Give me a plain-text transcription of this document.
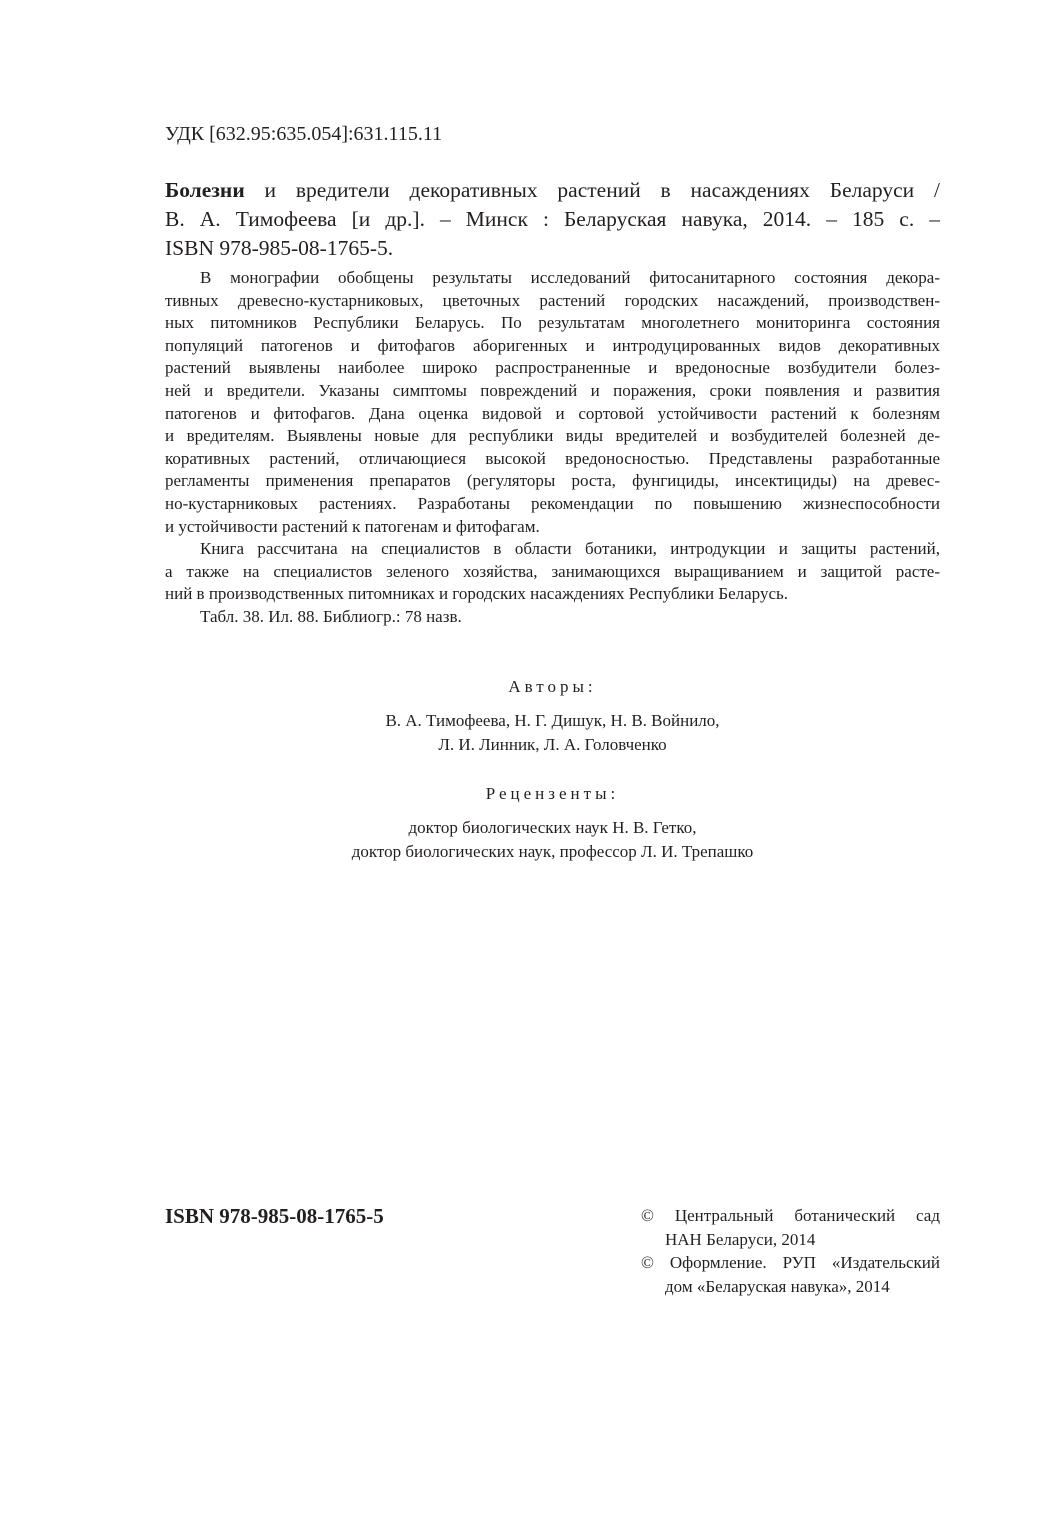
УДК [632.95:635.054]:631.115.11
Болезни и вредители декоративных растений в насаждениях Беларуси /
В. А. Тимофеева [и др.]. – Минск : Беларуская навука, 2014. – 185 с. –
ISBN 978-985-08-1765-5.
В монографии обобщены результаты исследований фитосанитарного состояния декора-
тивных древесно-кустарниковых, цветочных растений городских насаждений, производствен-
ных питомников Республики Беларусь. По результатам многолетнего мониторинга состояния
популяций патогенов и фитофагов аборигенных и интродуцированных видов декоративных
растений выявлены наиболее широко распространенные и вредоносные возбудители болез-
ней и вредители. Указаны симптомы повреждений и поражения, сроки появления и развития
патогенов и фитофагов. Дана оценка видовой и сортовой устойчивости растений к болезням
и вредителям. Выявлены новые для республики виды вредителей и возбудителей болезней де-
коративных растений, отличающиеся высокой вредоносностью. Представлены разработанные
регламенты применения препаратов (регуляторы роста, фунгициды, инсектициды) на древес-
но-кустарниковых растениях. Разработаны рекомендации по повышению жизнеспособности
и устойчивости растений к патогенам и фитофагам.
Книга рассчитана на специалистов в области ботаники, интродукции и защиты растений,
а также на специалистов зеленого хозяйства, занимающихся выращиванием и защитой расте-
ний в производственных питомниках и городских насаждениях Республики Беларусь.
Табл. 38. Ил. 88. Библиогр.: 78 назв.
Авторы:
В. А. Тимофеева, Н. Г. Дишук, Н. В. Войнило,
Л. И. Линник, Л. А. Головченко
Рецензенты:
доктор биологических наук Н. В. Гетко,
доктор биологических наук, профессор Л. И. Трепашко
ISBN 978-985-08-1765-5	© Центральный ботанический сад
НАН Беларуси, 2014
© Оформление. РУП «Издательский
дом «Беларуская навука», 2014
